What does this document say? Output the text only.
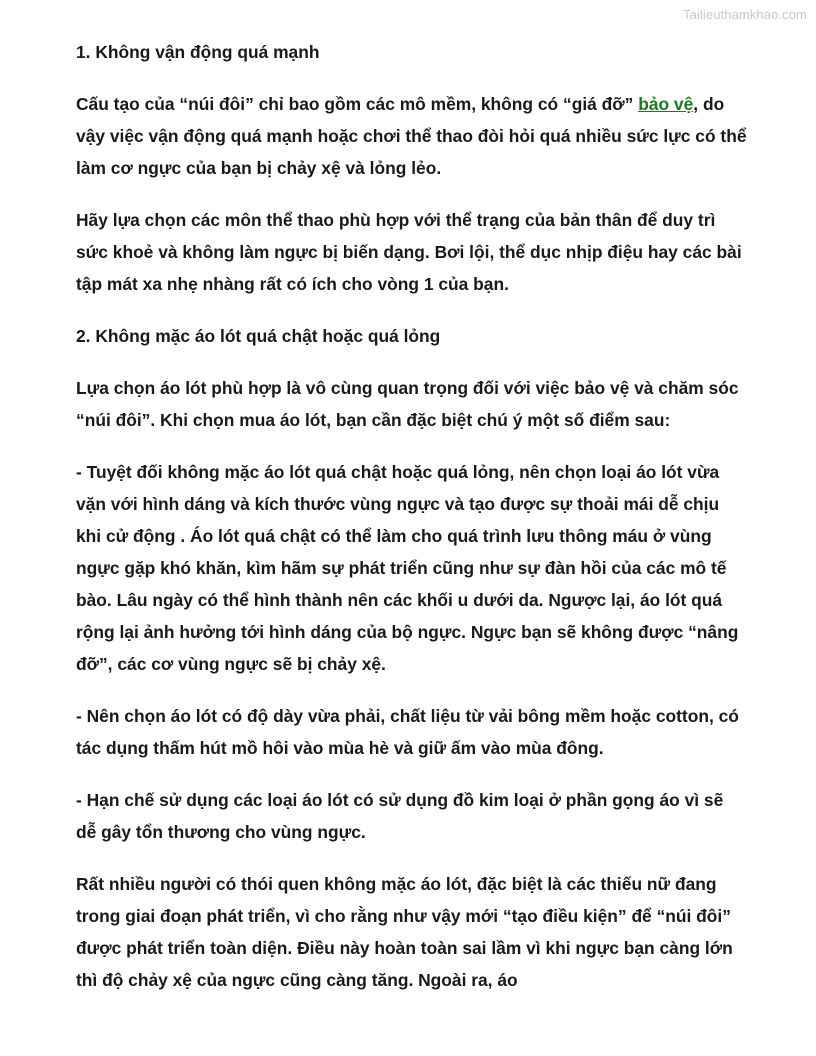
Tailieuthamkhao.com
1. Không vận động quá mạnh
Cấu tạo của “núi đôi” chỉ bao gồm các mô mềm, không có “giá đỡ” bảo vệ, do vậy việc vận động quá mạnh hoặc chơi thể thao đòi hỏi quá nhiều sức lực có thể làm cơ ngực của bạn bị chảy xệ và lỏng lẻo.
Hãy lựa chọn các môn thể thao phù hợp với thể trạng của bản thân để duy trì sức khoẻ và không làm ngực bị biến dạng. Bơi lội, thể dục nhịp điệu hay các bài tập mát xa nhẹ nhàng rất có ích cho vòng 1 của bạn.
2. Không mặc áo lót quá chật hoặc quá lỏng
Lựa chọn áo lót phù hợp là vô cùng quan trọng đối với việc bảo vệ và chăm sóc “núi đôi”. Khi chọn mua áo lót, bạn cần đặc biệt chú ý một số điểm sau:
- Tuyệt đối không mặc áo lót quá chật hoặc quá lỏng, nên chọn loại áo lót vừa vặn với hình dáng và kích thước vùng ngực và tạo được sự thoải mái dễ chịu khi cử động . Áo lót quá chật có thể làm cho quá trình lưu thông máu ở vùng ngực gặp khó khăn, kìm hãm sự phát triển cũng như sự đàn hồi của các mô tế bào. Lâu ngày có thể hình thành nên các khối u dưới da. Ngược lại, áo lót quá rộng lại ảnh hưởng tới hình dáng của bộ ngực. Ngực bạn sẽ không được “nâng đỡ”, các cơ vùng ngực sẽ bị chảy xệ.
- Nên chọn áo lót có độ dày vừa phải, chất liệu từ vải bông mềm hoặc cotton, có tác dụng thấm hút mồ hôi vào mùa hè và giữ ấm vào mùa đông.
- Hạn chế sử dụng các loại áo lót có sử dụng đồ kim loại ở phần gọng áo vì sẽ dễ gây tổn thương cho vùng ngực.
Rất nhiều người có thói quen không mặc áo lót, đặc biệt là các thiếu nữ đang trong giai đoạn phát triển, vì cho rằng như vậy mới “tạo điều kiện” để “núi đôi” được phát triển toàn diện. Điều này hoàn toàn sai lầm vì khi ngực bạn càng lớn thì độ chảy xệ của ngực cũng càng tăng. Ngoài ra, áo
